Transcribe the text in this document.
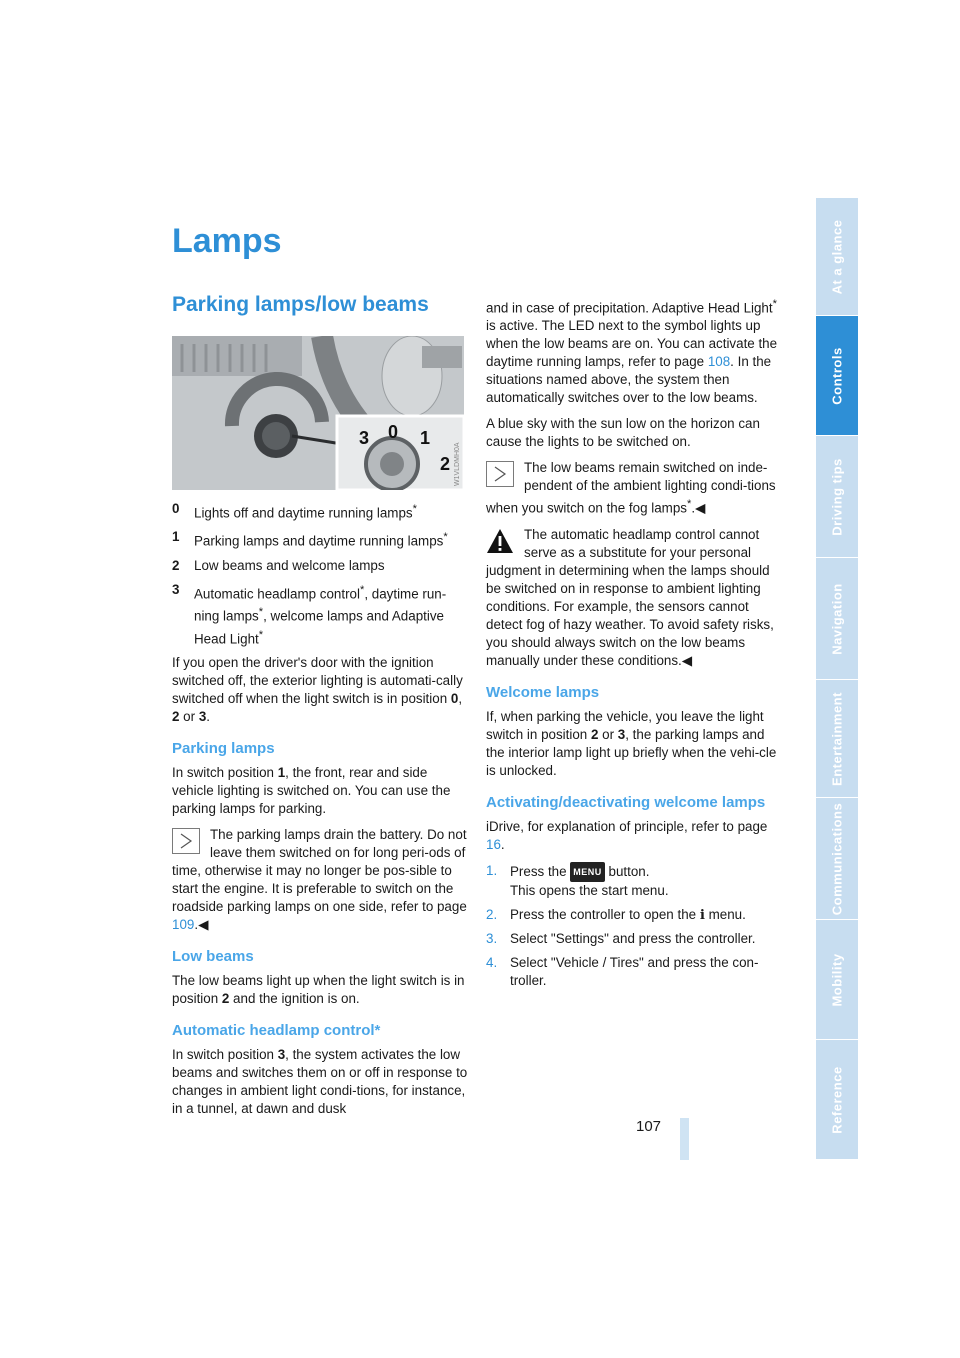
Lamps
Parking lamps/low beams
3 0 1
2 W1VLDMH0A
0	Lights off and daytime running lamps*
1	Parking lamps and daytime running lamps*
2	Low beams and welcome lamps
3	Automatic headlamp control*, daytime run-ning lamps*, welcome lamps and Adaptive Head Light*

If you open the driver's door with the ignition switched off, the exterior lighting is automati-cally switched off when the light switch is in position 0, 2 or 3.

Parking lamps

In switch position 1, the front, rear and side vehicle lighting is switched on. You can use the parking lamps for parking.

The parking lamps drain the battery. Do not leave them switched on for long peri-ods of time, otherwise it may no longer be pos-sible to start the engine. It is preferable to switch on the roadside parking lamps on one side, refer to page 109.◀
Low beams

The low beams light up when the light switch is in position 2 and the ignition is on.

Automatic headlamp control*

In switch position 3, the system activates the low beams and switches them on or off in response to changes in ambient light condi-tions, for instance, in a tunnel, at dawn and dusk

and in case of precipitation. Adaptive Head Light* is active. The LED next to the symbol lights up when the low beams are on. You can activate the daytime running lamps, refer to page 108. In the situations named above, the system then automatically switches over to the low beams.

A blue sky with the sun low on the horizon can cause the lights to be switched on.

The low beams remain switched on inde-pendent of the ambient lighting condi-tions when you switch on the fog lamps*.◀
The automatic headlamp control cannot serve as a substitute for your personal judgment in determining when the lamps should be switched on in response to ambient lighting conditions. For example, the sensors cannot detect fog of hazy weather. To avoid safety risks, you should always switch on the low beams manually under these conditions.◀
Welcome lamps

If, when parking the vehicle, you leave the light switch in position 2 or 3, the parking lamps and the interior lamp light up briefly when the vehi-cle is unlocked.

Activating/deactivating welcome lamps

iDrive, for explanation of principle, refer to page 16.

1. Press the MENU button.
This opens the start menu.
2. Press the controller to open the i menu.
3. Select "Settings" and press the controller.
4. Select "Vehicle / Tires" and press the con-troller.
107
At a glance
Controls
Driving tips
Navigation
Entertainment
Communications
Mobility
Reference
